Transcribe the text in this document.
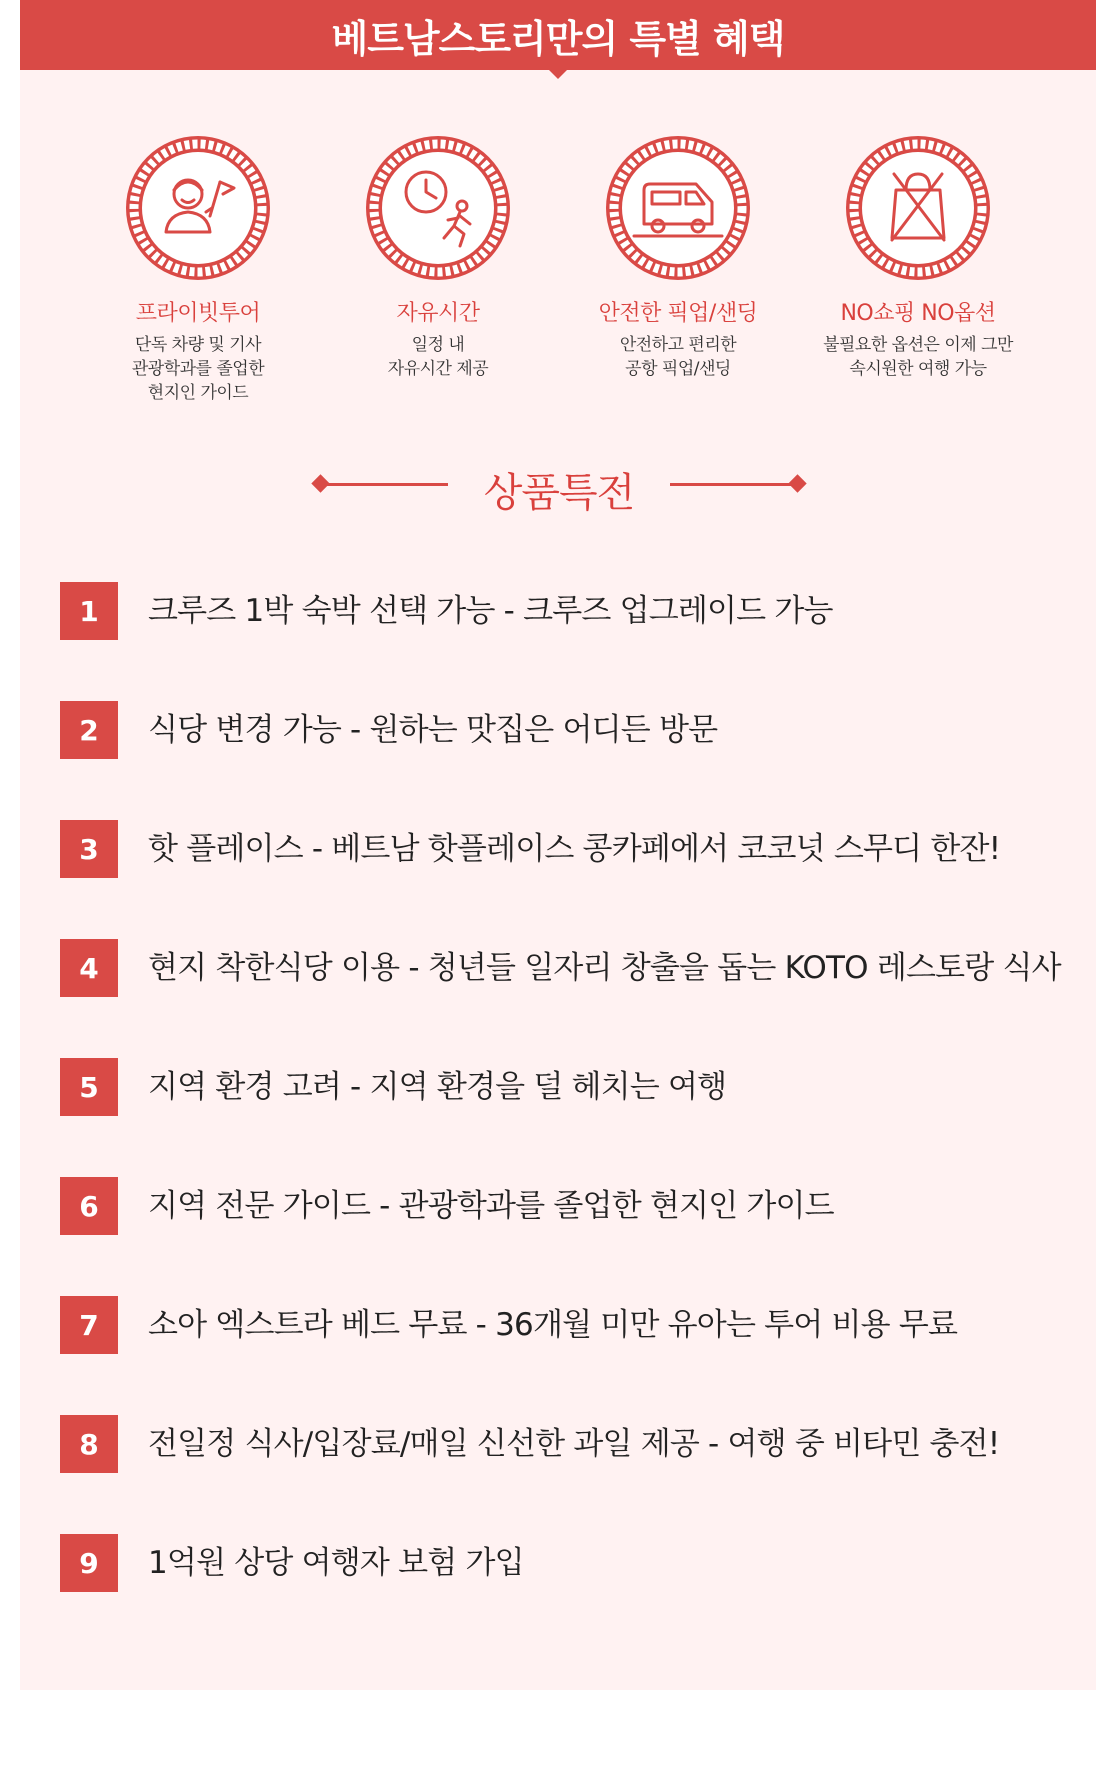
베트남스토리만의 특별 혜택
프라이빗투어
단독 차량 및 기사
관광학과를 졸업한
현지인 가이드
자유시간
일정 내
자유시간 제공
안전한 픽업/샌딩
안전하고 편리한
공항 픽업/샌딩
NO쇼핑 NO옵션
불필요한 옵션은 이제 그만
속시원한 여행 가능
상품특전
1	크루즈 1박 숙박 선택 가능 - 크루즈 업그레이드 가능
2	식당 변경 가능 - 원하는 맛집은 어디든 방문
3	핫 플레이스 - 베트남 핫플레이스 콩카페에서 코코넛 스무디 한잔!
4	현지 착한식당 이용 - 청년들 일자리 창출을 돕는 KOTO 레스토랑 식사
5	지역 환경 고려 - 지역 환경을 덜 헤치는 여행
6	지역 전문 가이드 - 관광학과를 졸업한 현지인 가이드
7	소아 엑스트라 베드 무료 - 36개월 미만 유아는 투어 비용 무료
8	전일정 식사/입장료/매일 신선한 과일 제공 - 여행 중 비타민 충전!
9	1억원 상당 여행자 보험 가입
